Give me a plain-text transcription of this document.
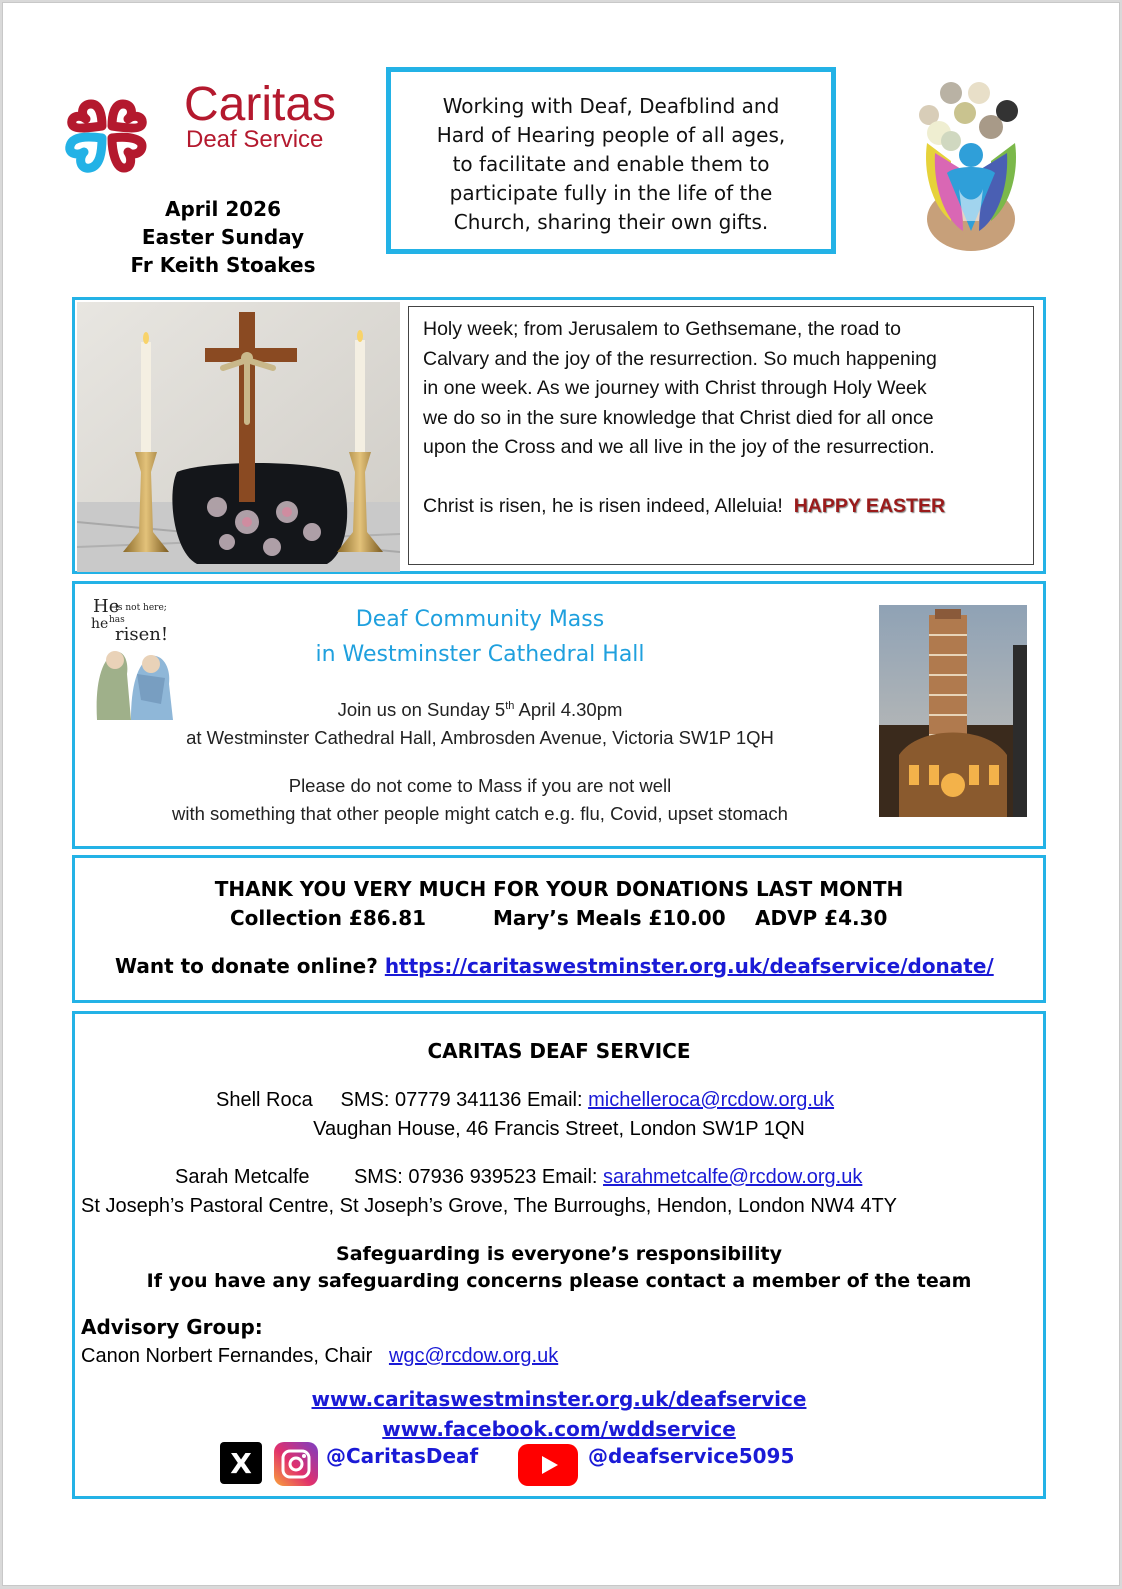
Caritas
Deaf Service
April 2026
Easter Sunday
Fr Keith Stoakes
Working with Deaf, Deafblind and
Hard of Hearing people of all ages,
to facilitate and enable them to
participate fully in the life of the
Church, sharing their own gifts.
Holy week; from Jerusalem to Gethsemane, the road to
Calvary and the joy of the resurrection. So much happening
in one week. As we journey with Christ through Holy Week
we do so in the sure knowledge that Christ died for all once
upon the Cross and we all live in the joy of the resurrection.
Christ is risen, he is risen indeed, Alleluia! HAPPY EASTER
He
is not here;
he has
risen!
Deaf Community Mass
in Westminster Cathedral Hall
Join us on Sunday 5th April 4.30pm
at Westminster Cathedral Hall, Ambrosden Avenue, Victoria SW1P 1QH
Please do not come to Mass if you are not well
with something that other people might catch e.g. flu, Covid, upset stomach
THANK YOU VERY MUCH FOR YOUR DONATIONS LAST MONTH
Collection £86.81	Mary’s Meals £10.00 ADVP £4.30
Want to donate online? https://caritaswestminster.org.uk/deafservice/donate/
CARITAS DEAF SERVICE
Shell Roca SMS: 07779 341136 Email: michelleroca@rcdow.org.uk
Vaughan House, 46 Francis Street, London SW1P 1QN
Sarah Metcalfe SMS: 07936 939523 Email: sarahmetcalfe@rcdow.org.uk
St Joseph’s Pastoral Centre, St Joseph’s Grove, The Burroughs, Hendon, London NW4 4TY
Safeguarding is everyone’s responsibility
If you have any safeguarding concerns please contact a member of the team
Advisory Group:
Canon Norbert Fernandes, Chair wgc@rcdow.org.uk
www.caritaswestminster.org.uk/deafservice
www.facebook.com/wddservice
X	@CaritasDeaf	@deafservice5095
